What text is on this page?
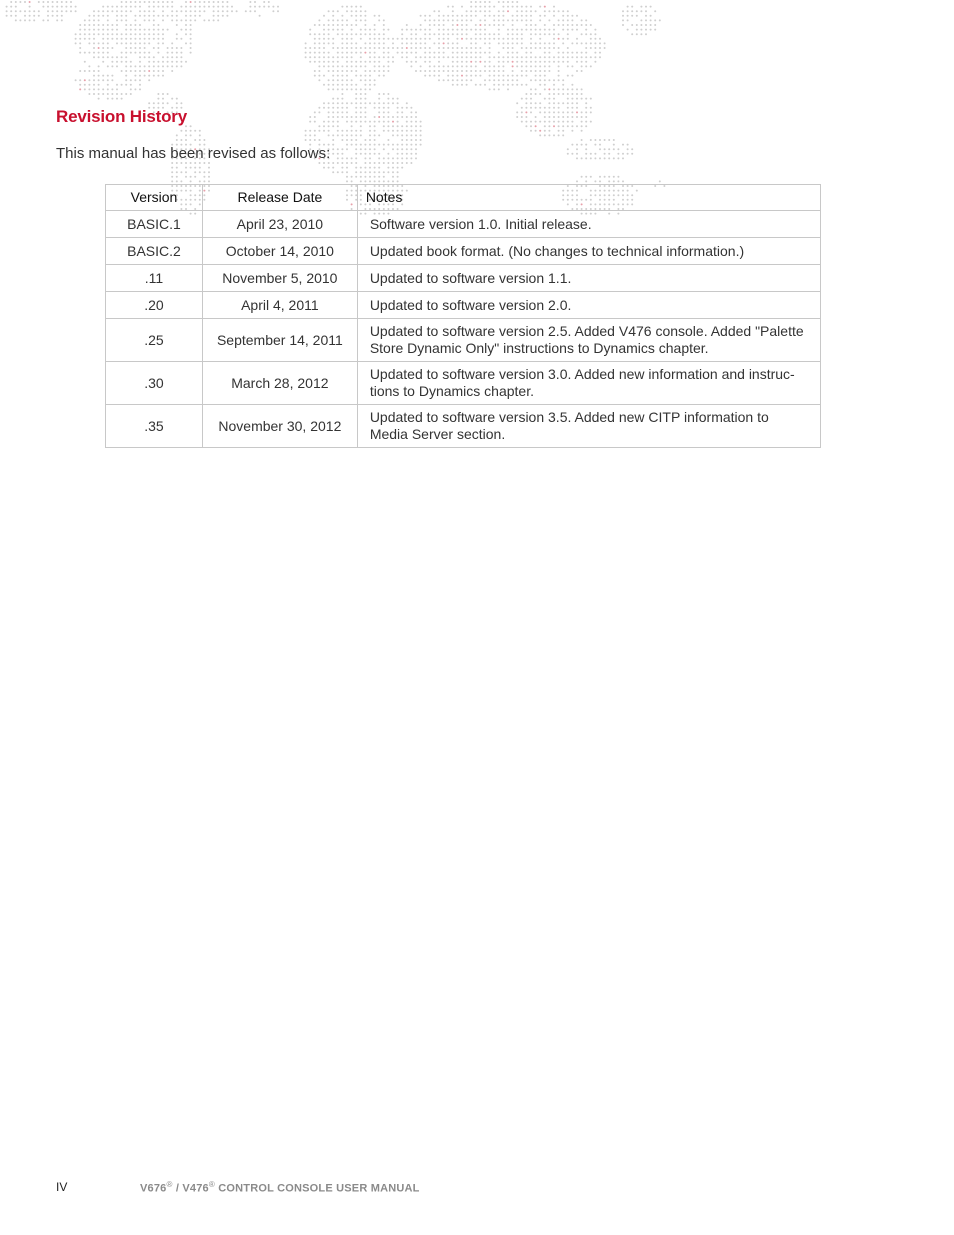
Revision History

This manual has been revised as follows:

Version	Release Date	Notes
BASIC.1	April 23, 2010	Software version 1.0. Initial release.
BASIC.2	October 14, 2010	Updated book format. (No changes to technical information.)
.11	November 5, 2010	Updated to software version 1.1.
.20	April 4, 2011	Updated to software version 2.0.
.25	September 14, 2011	Updated to software version 2.5. Added V476 console. Added "Palette Store Dynamic Only" instructions to Dynamics chapter.
.30	March 28, 2012	Updated to software version 3.0. Added new information and instruc-tions to Dynamics chapter.
.35	November 30, 2012	Updated to software version 3.5. Added new CITP information to Media Server section.
IV	V676® / V476® CONTROL CONSOLE USER MANUAL
